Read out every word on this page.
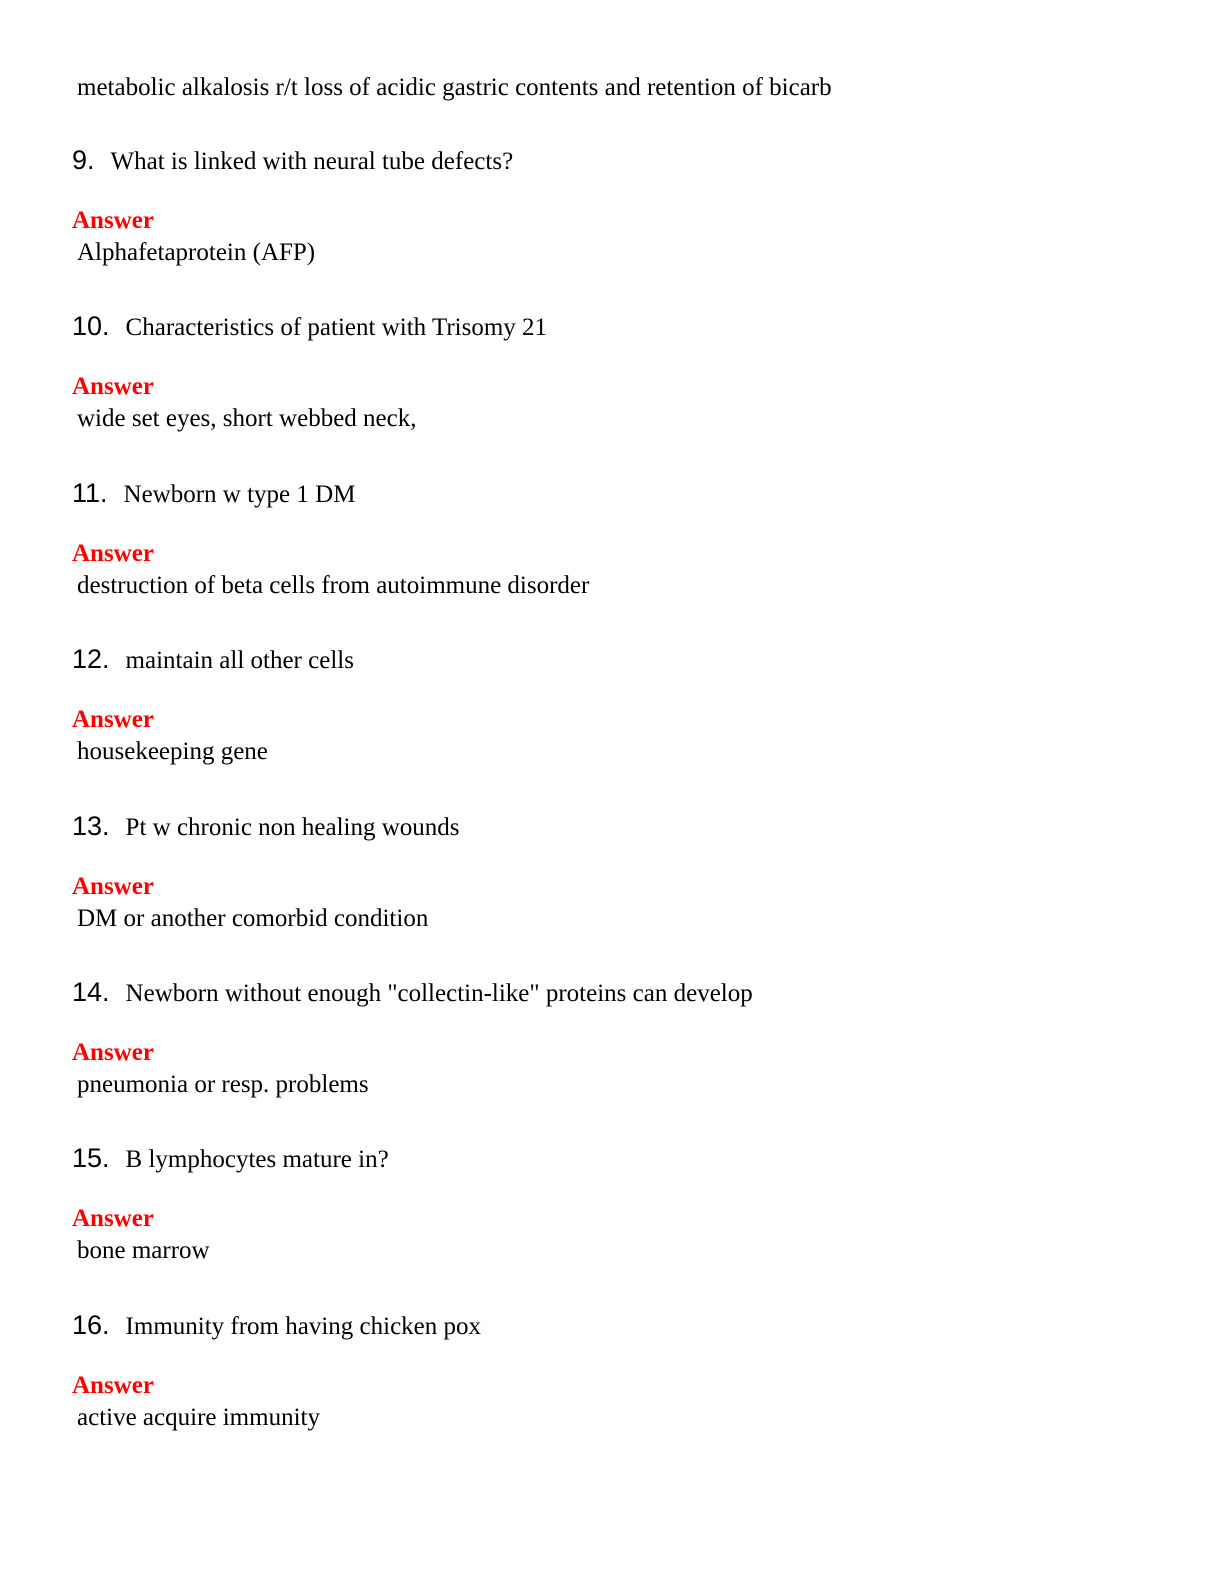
metabolic alkalosis r/t loss of acidic gastric contents and retention of bicarb
9. What is linked with neural tube defects?
Answer
Alphafetaprotein (AFP)
10. Characteristics of patient with Trisomy 21
Answer
wide set eyes, short webbed neck,
11. Newborn w type 1 DM
Answer
destruction of beta cells from autoimmune disorder
12. maintain all other cells
Answer
housekeeping gene
13. Pt w chronic non healing wounds
Answer
DM or another comorbid condition
14. Newborn without enough "collectin-like" proteins can develop
Answer
pneumonia or resp. problems
15. B lymphocytes mature in?
Answer
bone marrow
16. Immunity from having chicken pox
Answer
active acquire immunity
